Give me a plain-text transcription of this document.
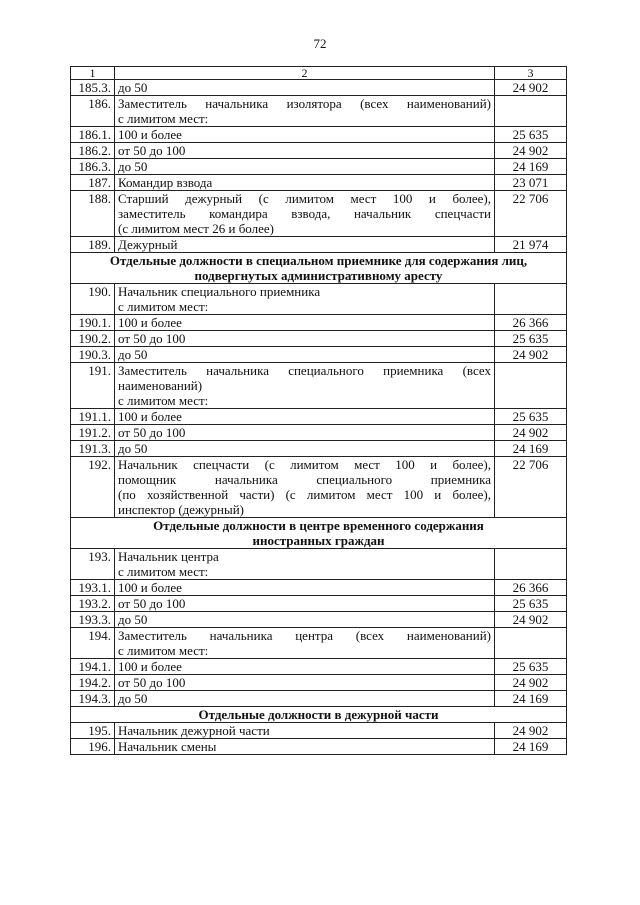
72
1	2	3
185.3.	до 50	24 902
186.	Заместитель начальника изолятора (всех наименований)
с лимитом мест:	

186.1.	100 и более	25 635
186.2.	от 50 до 100	24 902
186.3.	до 50	24 169
187.	Командир взвода	23 071
188.	Старший дежурный (с лимитом мест 100 и более),
заместитель командира взвода, начальник спецчасти
(с лимитом мест 26 и более)	22 706
189.	Дежурный	21 974

Отдельные должности в специальном приемнике для содержания лиц,
подвергнутых административному аресту		

190.	Начальник специального приемника
с лимитом мест:	

190.1.	100 и более	26 366
190.2.	от 50 до 100	25 635
190.3.	до 50	24 902
191.	Заместитель начальника специального приемника (всех
наименований)
с лимитом мест:	

191.1.	100 и более	25 635
191.2.	от 50 до 100	24 902
191.3.	до 50	24 169
192.	Начальник спецчасти (с лимитом мест 100 и более),
помощник начальника специального приемника
(по хозяйственной части) (с лимитом мест 100 и более),
инспектор (дежурный)	22 706

Отдельные должности в центре временного содержания
иностранных граждан		

193.	Начальник центра
с лимитом мест:	

193.1.	100 и более	26 366
193.2.	от 50 до 100	25 635
193.3.	до 50	24 902
194.	Заместитель начальника центра (всех наименований)
с лимитом мест:	

194.1.	100 и более	25 635
194.2.	от 50 до 100	24 902
194.3.	до 50	24 169

Отдельные должности в дежурной части		

195.	Начальник дежурной части	24 902
196.	Начальник смены	24 169
